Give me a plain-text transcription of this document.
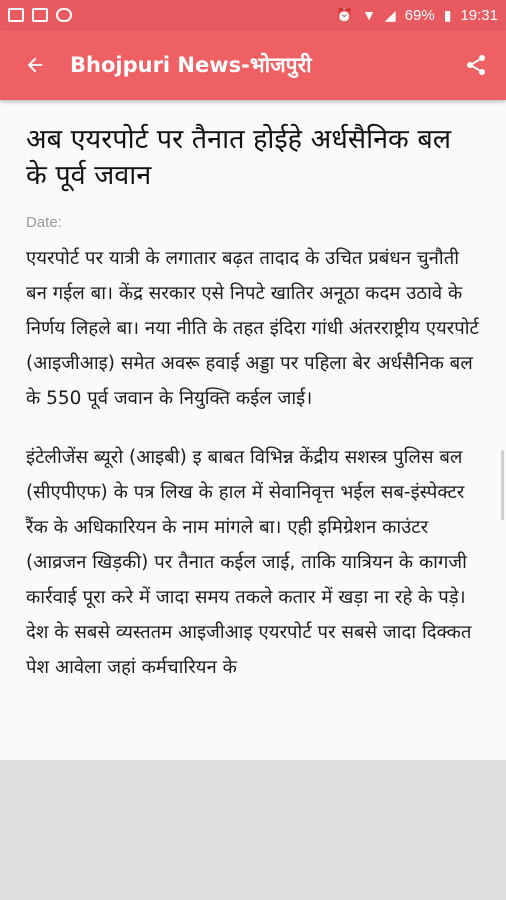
⏰ ▼ ◢ 69% ▮ 19:31
Bhojpuri News-भोजपुरी
अब एयरपोर्ट पर तैनात होईहे अर्धसैनिक बल के पूर्व जवान
Date:

एयरपोर्ट पर यात्री के लगातार बढ़त तादाद के उचित प्रबंधन चुनौती बन गईल बा। केंद्र सरकार एसे निपटे खातिर अनूठा कदम उठावे के निर्णय लिहले बा। नया नीति के तहत इंदिरा गांधी अंतरराष्ट्रीय एयरपोर्ट (आइजीआइ) समेत अवरू हवाई अड्डा पर पहिला बेर अर्धसैनिक बल के 550 पूर्व जवान के नियुक्ति कईल जाई।

इंटेलीजेंस ब्यूरो (आइबी) इ बाबत विभिन्न केंद्रीय सशस्त्र पुलिस बल (सीएपीएफ) के पत्र लिख के हाल में सेवानिवृत्त भईल सब-इंस्पेक्टर रैंक के अधिकारियन के नाम मांगले बा। एही इमिग्रेशन काउंटर (आव्रजन खिड़की) पर तैनात कईल जाई, ताकि यात्रियन के कागजी कार्रवाई पूरा करे में जादा समय तकले कतार में खड़ा ना रहे के पड़े। देश के सबसे व्यस्ततम आइजीआइ एयरपोर्ट पर सबसे जादा दिक्कत पेश आवेला जहां कर्मचारियन के
